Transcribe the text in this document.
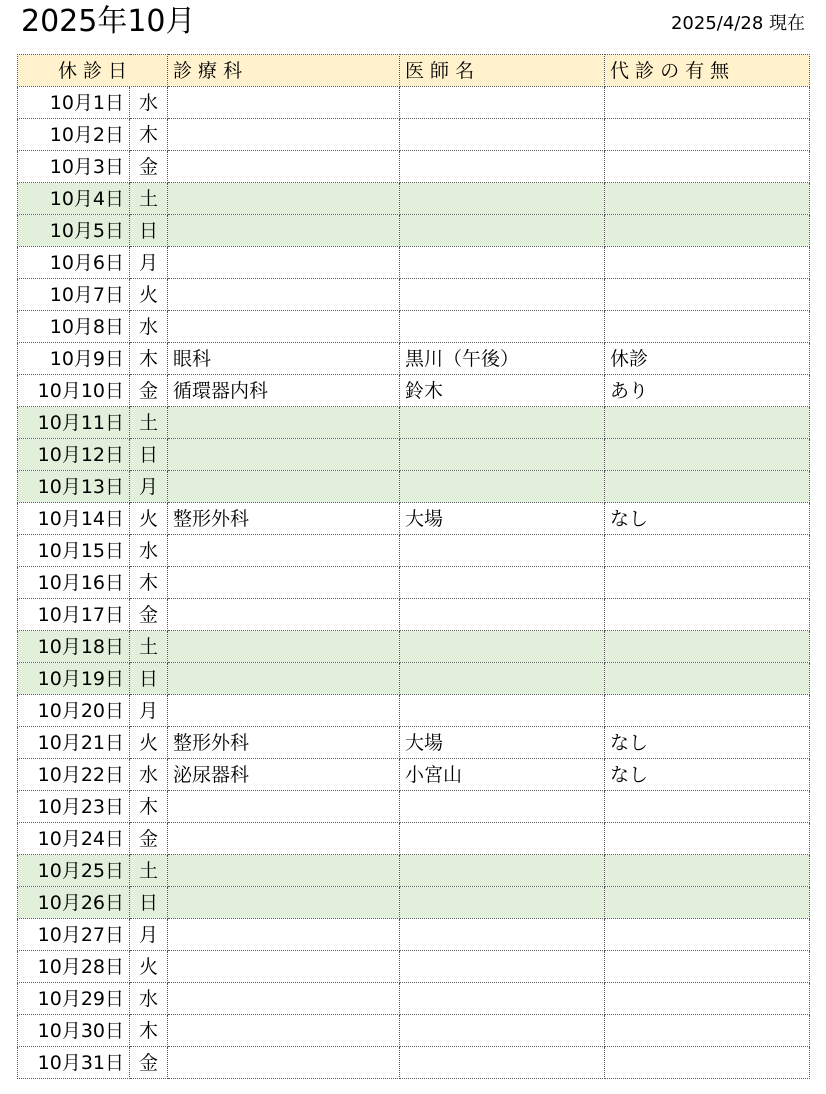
2025年10月	2025/4/28 現在
休 診 日		診 療 科	医 師 名	代 診 の 有 無
10月1日	水			
10月2日	木			
10月3日	金			
10月4日	土			
10月5日	日			
10月6日	月			
10月7日	火			
10月8日	水			
10月9日	木	眼科	黒川（午後）	休診
10月10日	金	循環器内科	鈴木	あり
10月11日	土			
10月12日	日			
10月13日	月			
10月14日	火	整形外科	大場	なし
10月15日	水			
10月16日	木			
10月17日	金			
10月18日	土			
10月19日	日			
10月20日	月			
10月21日	火	整形外科	大場	なし
10月22日	水	泌尿器科	小宮山	なし
10月23日	木			
10月24日	金			
10月25日	土			
10月26日	日			
10月27日	月			
10月28日	火			
10月29日	水			
10月30日	木			
10月31日	金			
